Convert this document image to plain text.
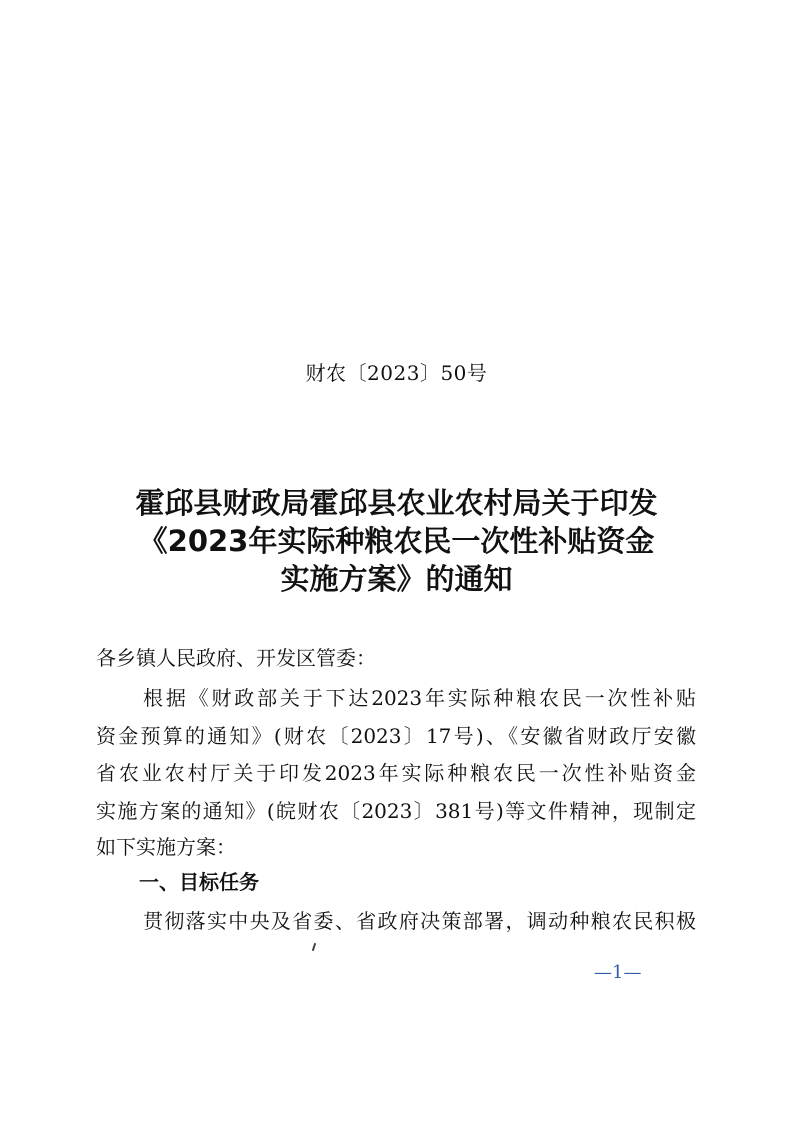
财农〔2023〕50号
霍邱县财政局霍邱县农业农村局关于印发
《2023年实际种粮农民一次性补贴资金
实施方案》的通知
各乡镇人民政府、开发区管委：
根据《财政部关于下达2023年实际种粮农民一次性补贴
资金预算的通知》(财农〔2023〕17号)、《安徽省财政厅安徽
省农业农村厅关于印发2023年实际种粮农民一次性补贴资金
实施方案的通知》(皖财农〔2023〕381号)等文件精神，现制定
如下实施方案：
一、目标任务
贯彻落实中央及省委、省政府决策部署，调动种粮农民积极
—1—
